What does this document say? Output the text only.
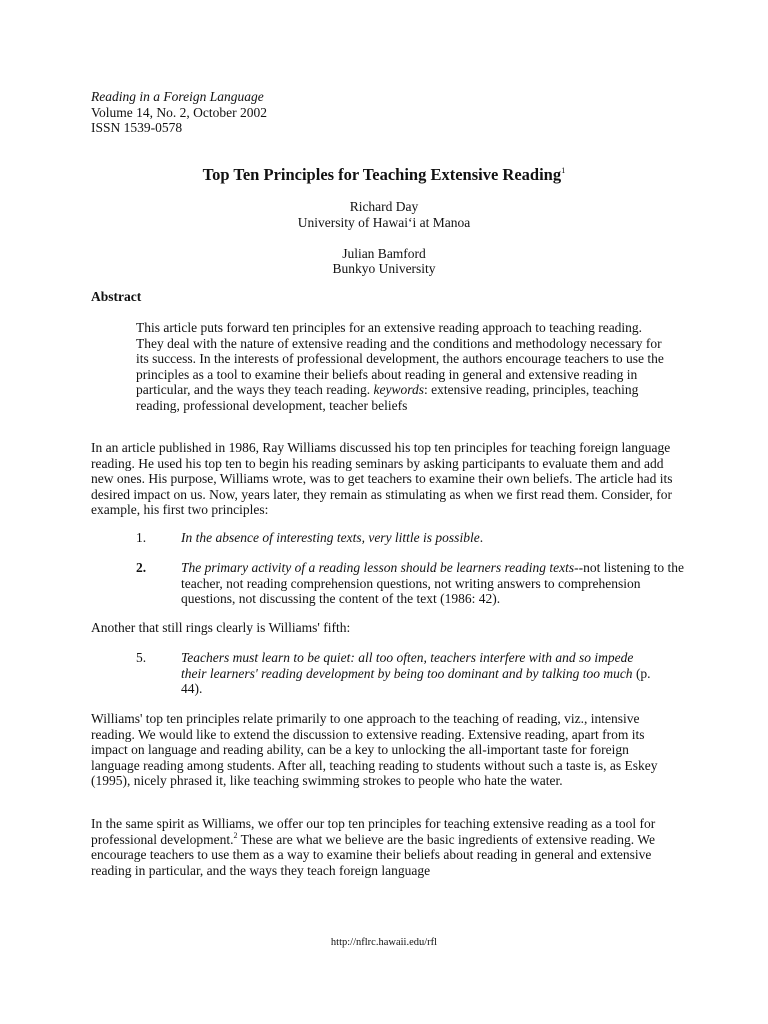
Reading in a Foreign Language

Volume 14, No. 2, October 2002

ISSN 1539-0578

Top Ten Principles for Teaching Extensive Reading$^1$

Richard Day

University of Hawai‘i at Manoa

Julian Bamford

Bunkyo University

Abstract
This article puts forward ten principles for an extensive reading approach to teaching reading. They deal with the nature of extensive reading and the conditions and methodology necessary for its success. In the interests of professional development, the authors encourage teachers to use the principles as a tool to examine their beliefs about reading in general and extensive reading in particular, and the ways they teach reading. keywords: extensive reading, principles, teaching reading, professional development, teacher beliefs

In an article published in 1986, Ray Williams discussed his top ten principles for teaching foreign language reading. He used his top ten to begin his reading seminars by asking participants to evaluate them and add new ones. His purpose, Williams wrote, was to get teachers to examine their own beliefs. The article had its desired impact on us. Now, years later, they remain as stimulating as when we first read them. Consider, for example, his first two principles:

1.	In the absence of interesting texts, very little is possible.

2.	The primary activity of a reading lesson should be learners reading texts--not listening to the teacher, not reading comprehension questions, not writing answers to comprehension questions, not discussing the content of the text (1986: 42).

Another that still rings clearly is Williams' fifth:

5.	Teachers must learn to be quiet: all too often, teachers interfere with and so impede their learners' reading development by being too dominant and by talking too much (p. 44).

Williams' top ten principles relate primarily to one approach to the teaching of reading, viz., intensive reading. We would like to extend the discussion to extensive reading. Extensive reading, apart from its impact on language and reading ability, can be a key to unlocking the all-important taste for foreign language reading among students. After all, teaching reading to students without such a taste is, as Eskey (1995), nicely phrased it, like teaching swimming strokes to people who hate the water.

In the same spirit as Williams, we offer our top ten principles for teaching extensive reading as a tool for professional development.$^2$ These are what we believe are the basic ingredients of extensive reading. We encourage teachers to use them as a way to examine their beliefs about reading in general and extensive reading in particular, and the ways they teach foreign language

http://nflrc.hawaii.edu/rfl
